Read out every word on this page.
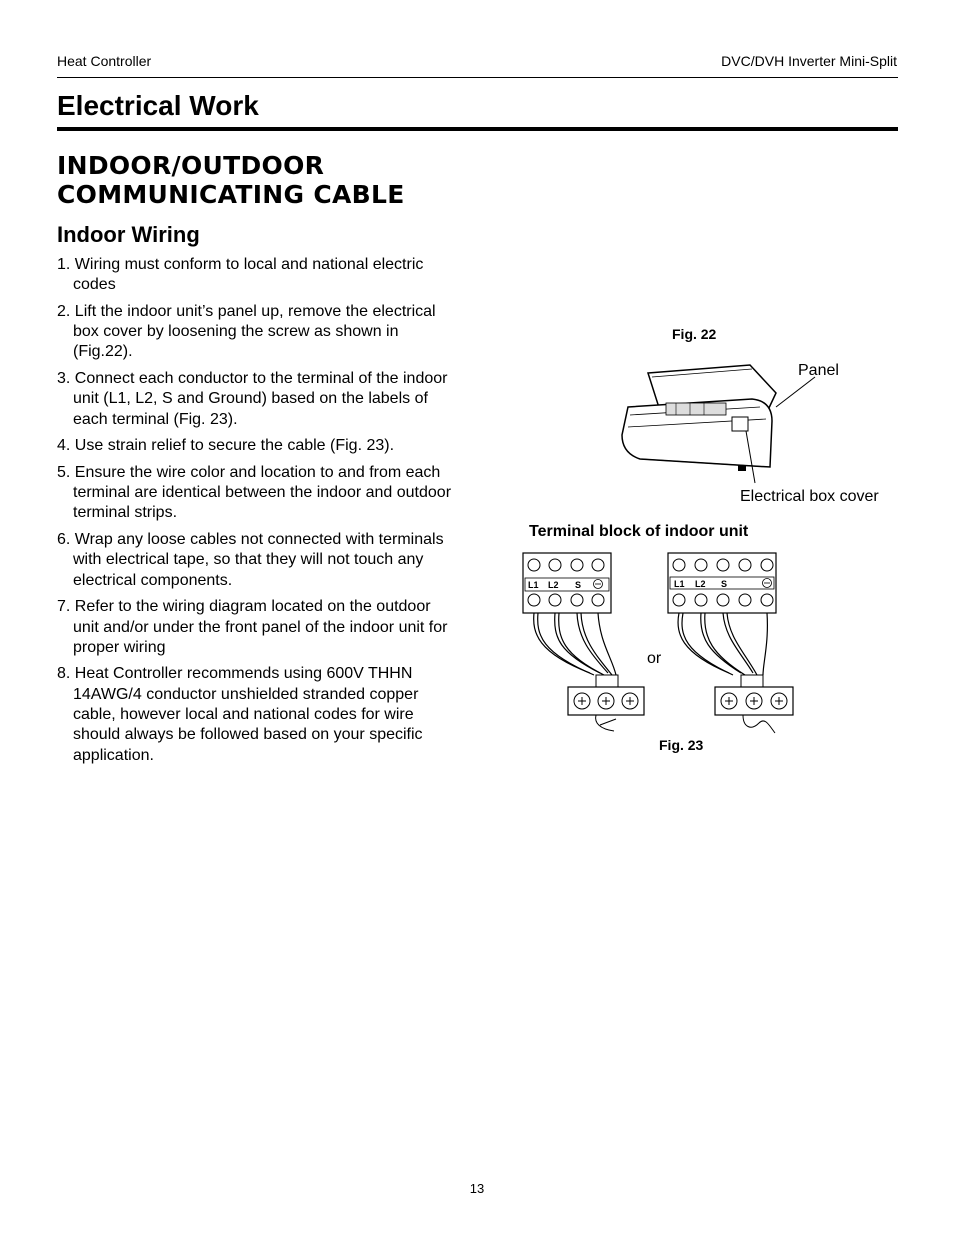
Heat Controller	DVC/DVH Inverter Mini-Split
Electrical Work
INDOOR/OUTDOOR COMMUNICATING CABLE
Indoor Wiring
1. Wiring must conform to local and national electric codes
2. Lift the indoor unit’s panel up, remove the electrical box cover by loosening the screw as shown in (Fig.22).
3. Connect each conductor to the terminal of the indoor unit (L1, L2, S and Ground) based on the labels of each terminal (Fig. 23).
4. Use strain relief to secure the cable (Fig. 23).
5. Ensure the wire color and location to and from each terminal are identical between the indoor and outdoor terminal strips.
6. Wrap any loose cables not connected with terminals with electrical tape, so that they will not touch any electrical components.
7. Refer to the wiring diagram located on the outdoor unit and/or under the front panel of the indoor unit for proper wiring
8. Heat Controller recommends using 600V THHN 14AWG/4 conductor unshielded stranded copper cable, however local and national codes for wire should always be followed based on your specific application.
Fig. 22
Panel
Electrical box cover
Terminal block of indoor unit
or
Fig. 23
L1 L2 S	L1 L2 S
13
